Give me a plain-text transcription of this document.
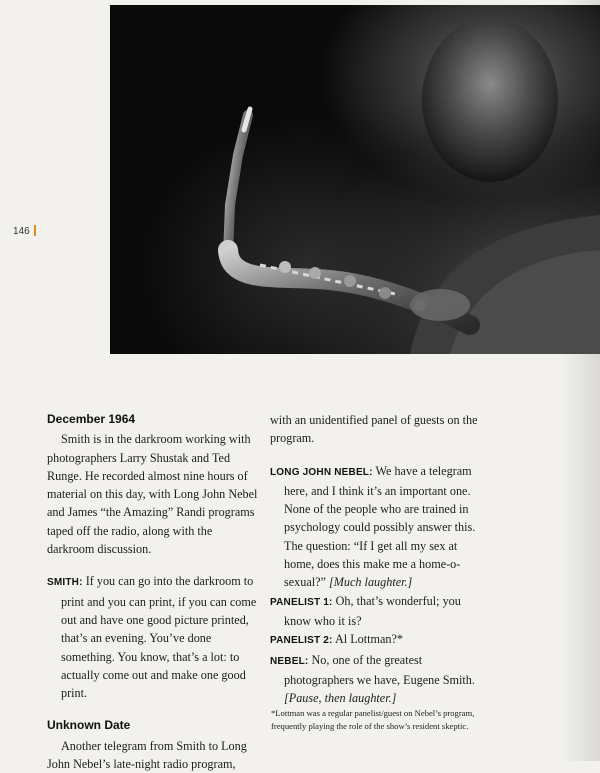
146
December 1964

Smith is in the darkroom working with photographers Larry Shustak and Ted Runge. He recorded almost nine hours of material on this day, with Long John Nebel and James “the Amazing” Randi programs taped off the radio, along with the darkroom discussion.

SMITH: If you can go into the darkroom to print and you can print, if you can come out and have one good picture printed, that’s an evening. You’ve done something. You know, that’s a lot: to actually come out and make one good print.

Unknown Date

Another telegram from Smith to Long John Nebel’s late-night radio program,

with an unidentified panel of guests on the program.

LONG JOHN NEBEL: We have a telegram here, and I think it’s an important one. None of the people who are trained in psychology could possibly answer this. The question: “If I get all my sex at home, does this make me a home-o-sexual?” [Much laughter.]

PANELIST 1: Oh, that’s wonderful; you know who it is?

PANELIST 2: Al Lottman?*

NEBEL: No, one of the greatest photographers we have, Eugene Smith. [Pause, then laughter.]

*Lottman was a regular panelist/guest on Nebel’s program, frequently playing the role of the show’s resident skeptic.
